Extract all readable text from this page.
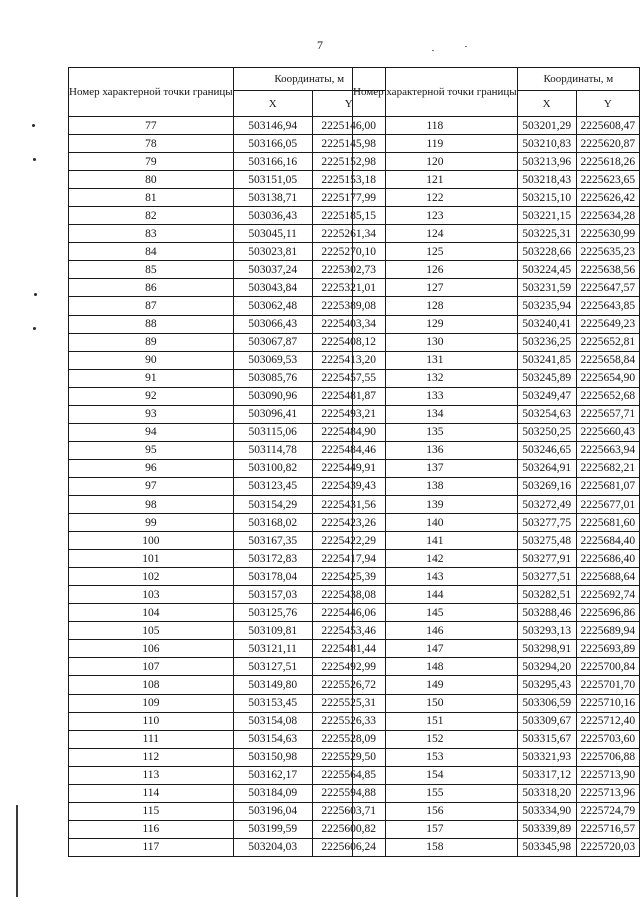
7
Номер характерной точки границы	Координаты, м	
	X	Y
77	503146,94	2225146,00
78	503166,05	2225145,98
79	503166,16	2225152,98
80	503151,05	2225153,18
81	503138,71	2225177,99
82	503036,43	2225185,15
83	503045,11	2225261,34
84	503023,81	2225270,10
85	503037,24	2225302,73
86	503043,84	2225321,01
87	503062,48	2225389,08
88	503066,43	2225403,34
89	503067,87	2225408,12
90	503069,53	2225413,20
91	503085,76	2225457,55
92	503090,96	2225481,87
93	503096,41	2225493,21
94	503115,06	2225484,90
95	503114,78	2225484,46
96	503100,82	2225449,91
97	503123,45	2225439,43
98	503154,29	2225431,56
99	503168,02	2225423,26
100	503167,35	2225422,29
101	503172,83	2225417,94
102	503178,04	2225425,39
103	503157,03	2225438,08
104	503125,76	2225446,06
105	503109,81	2225453,46
106	503121,11	2225481,44
107	503127,51	2225492,99
108	503149,80	2225526,72
109	503153,45	2225525,31
110	503154,08	2225526,33
111	503154,63	2225528,09
112	503150,98	2225529,50
113	503162,17	2225564,85
114	503184,09	2225594,88
115	503196,04	2225603,71
116	503199,59	2225600,82
117	503204,03	2225606,24
Номер характерной точки границы	Координаты, м	
	X	Y
118	503201,29	2225608,47
119	503210,83	2225620,87
120	503213,96	2225618,26
121	503218,43	2225623,65
122	503215,10	2225626,42
123	503221,15	2225634,28
124	503225,31	2225630,99
125	503228,66	2225635,23
126	503224,45	2225638,56
127	503231,59	2225647,57
128	503235,94	2225643,85
129	503240,41	2225649,23
130	503236,25	2225652,81
131	503241,85	2225658,84
132	503245,89	2225654,90
133	503249,47	2225652,68
134	503254,63	2225657,71
135	503250,25	2225660,43
136	503246,65	2225663,94
137	503264,91	2225682,21
138	503269,16	2225681,07
139	503272,49	2225677,01
140	503277,75	2225681,60
141	503275,48	2225684,40
142	503277,91	2225686,40
143	503277,51	2225688,64
144	503282,51	2225692,74
145	503288,46	2225696,86
146	503293,13	2225689,94
147	503298,91	2225693,89
148	503294,20	2225700,84
149	503295,43	2225701,70
150	503306,59	2225710,16
151	503309,67	2225712,40
152	503315,67	2225703,60
153	503321,93	2225706,88
154	503317,12	2225713,90
155	503318,20	2225713,96
156	503334,90	2225724,79
157	503339,89	2225716,57
158	503345,98	2225720,03
